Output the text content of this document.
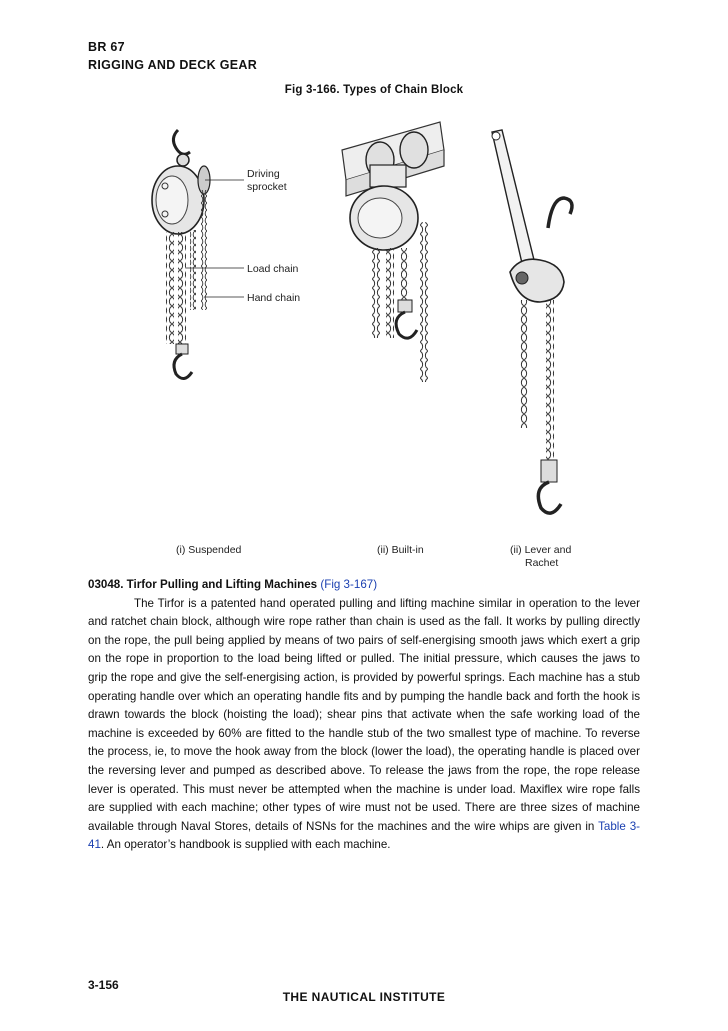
BR 67
RIGGING AND DECK GEAR
Fig 3-166. Types of Chain Block
Driving
sprocket
Load chain
Hand chain
(i) Suspended	(ii) Built-in	(ii) Lever and
Rachet
03048. Tirfor Pulling and Lifting Machines (Fig 3-167)

The Tirfor is a patented hand operated pulling and lifting machine similar in operation to the lever and ratchet chain block, although wire rope rather than chain is used as the fall. It works by pulling directly on the rope, the pull being applied by means of two pairs of self-energising smooth jaws which exert a grip on the rope in proportion to the load being lifted or pulled. The initial pressure, which causes the jaws to grip the rope and give the self-energising action, is provided by powerful springs. Each machine has a stub operating handle over which an operating handle fits and by pumping the handle back and forth the hook is drawn towards the block (hoisting the load); shear pins that activate when the safe working load of the machine is exceeded by 60% are fitted to the handle stub of the two smallest type of machine. To reverse the process, ie, to move the hook away from the block (lower the load), the operating handle is placed over the reversing lever and pumped as described above. To release the jaws from the rope, the rope release lever is operated. This must never be attempted when the machine is under load. Maxiflex wire rope falls are supplied with each machine; other types of wire must not be used. There are three sizes of machine available through Naval Stores, details of NSNs for the machines and the wire whips are given in Table 3-41. An operator’s handbook is supplied with each machine.

3-156
THE NAUTICAL INSTITUTE
